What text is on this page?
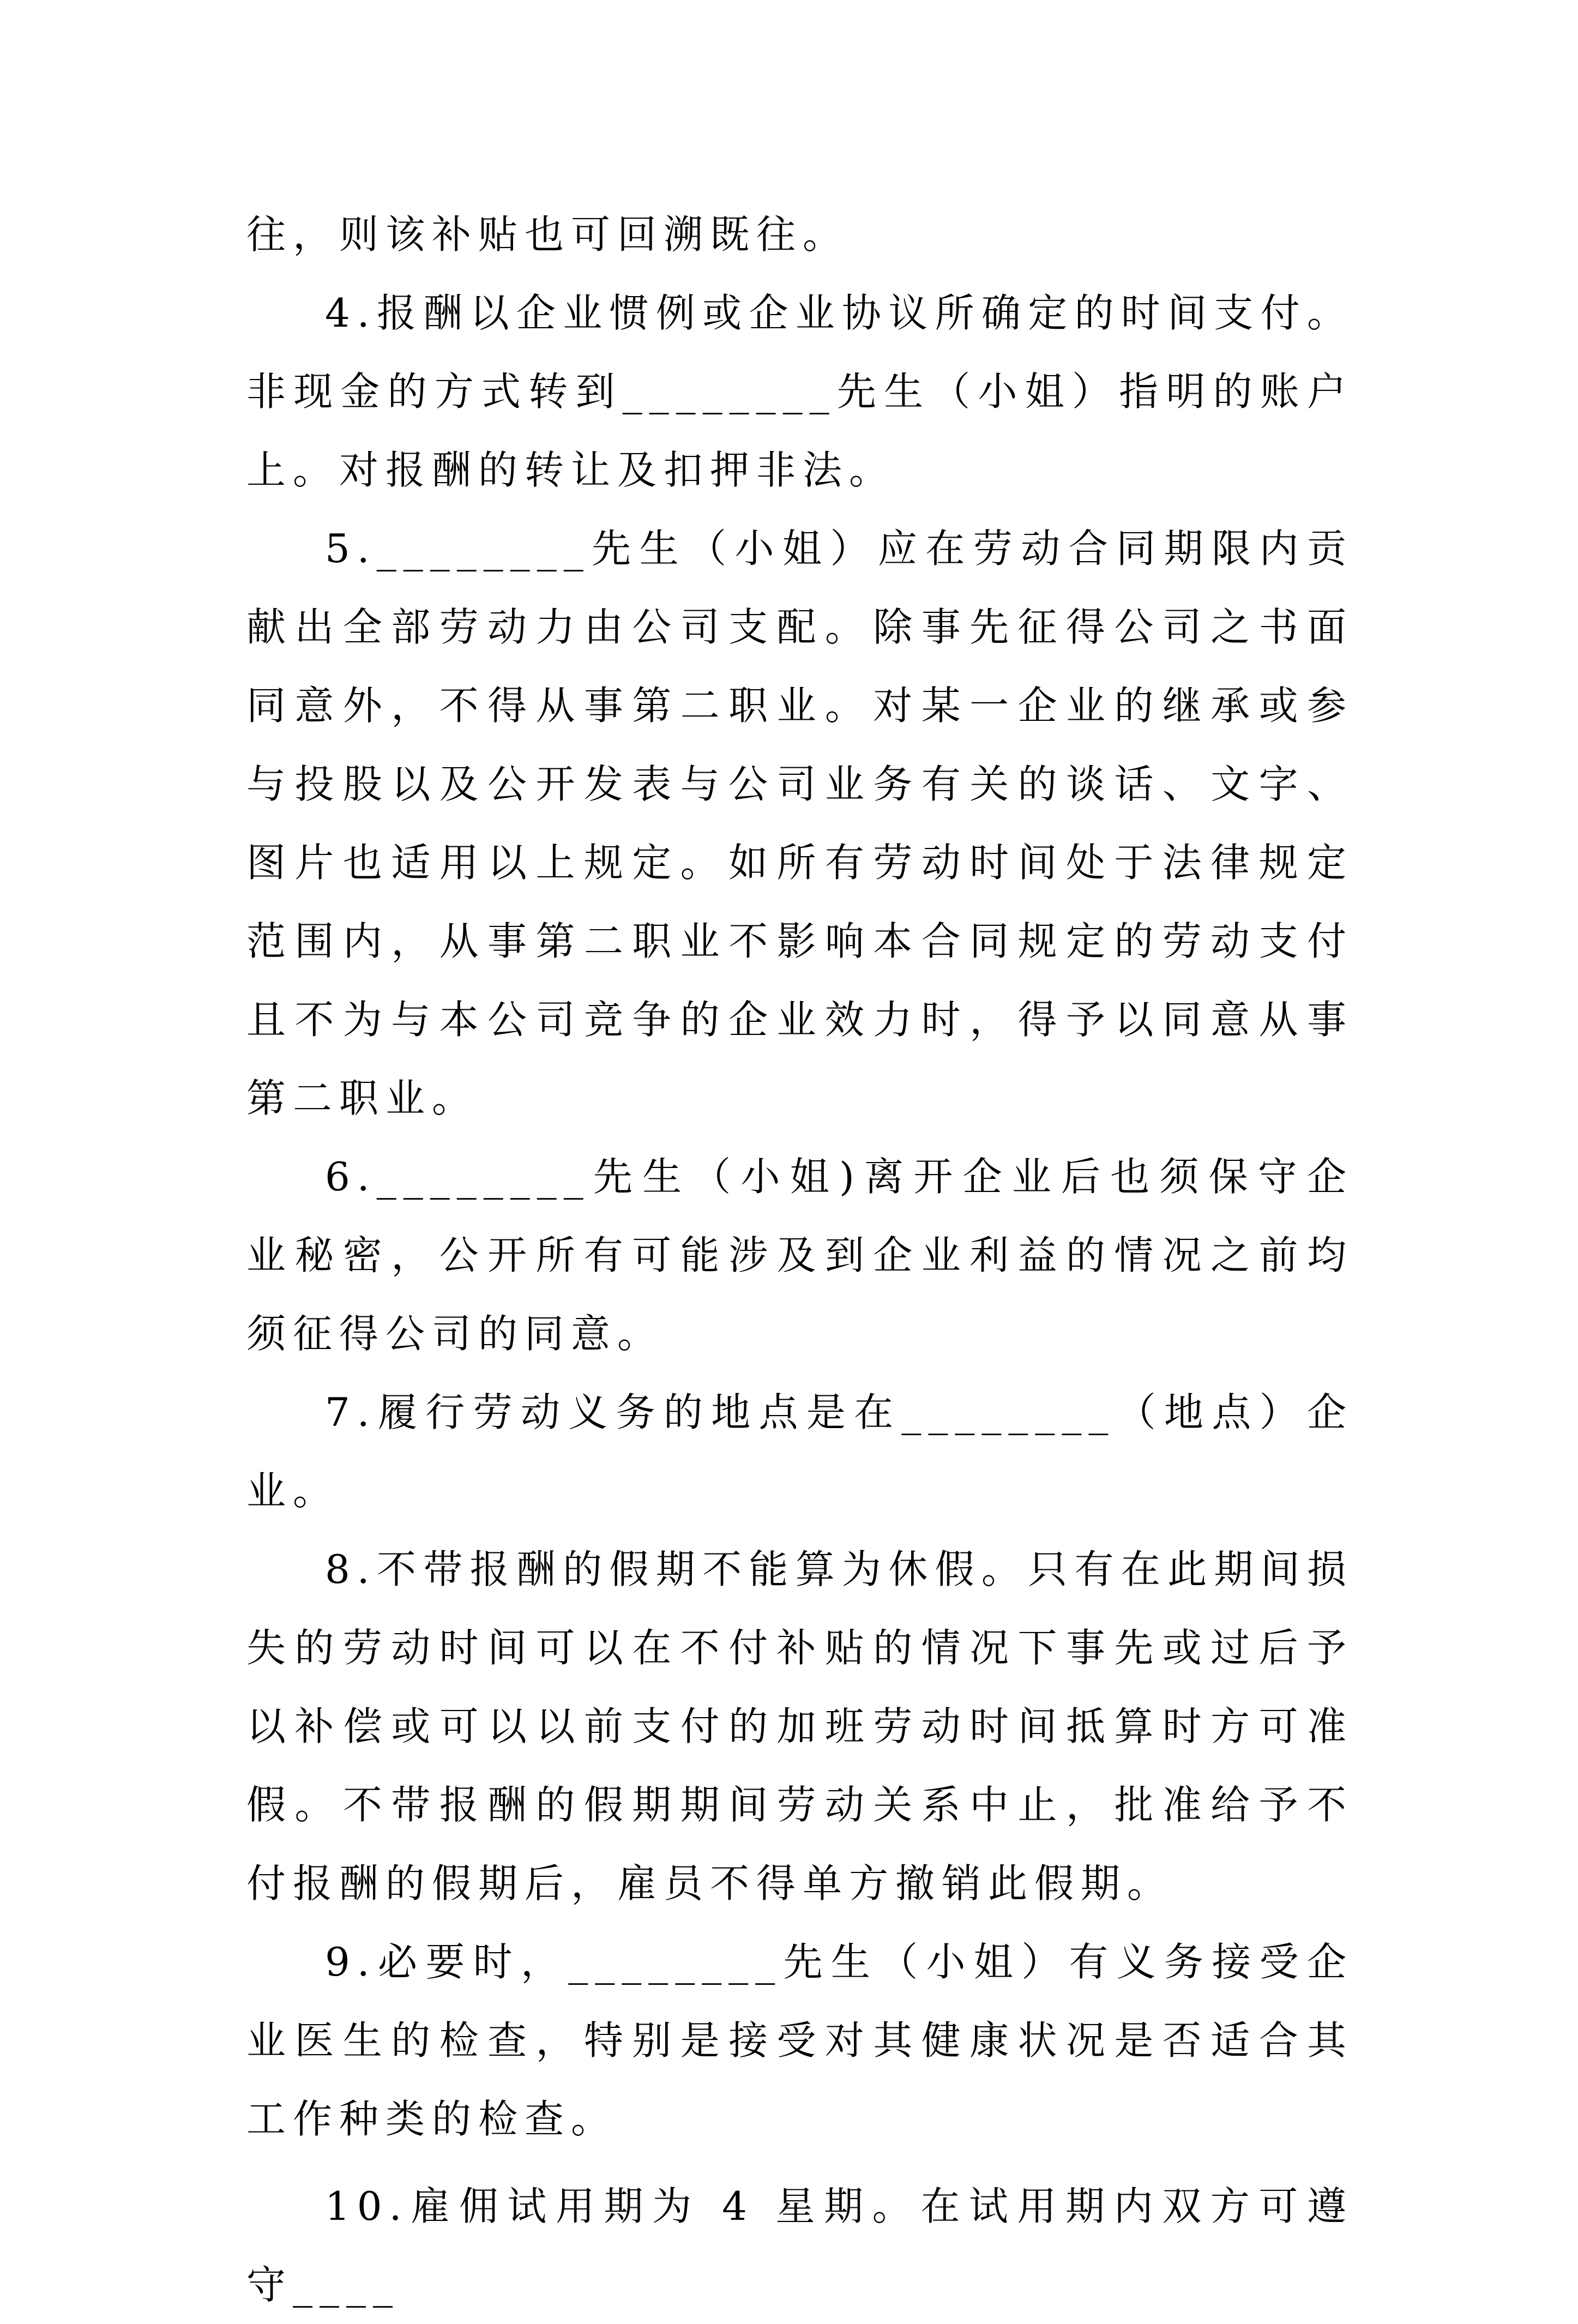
往，则该补贴也可回溯既往。

4.报酬以企业惯例或企业协议所确定的时间支付。非现金的方式转到________先生（小姐）指明的账户上。对报酬的转让及扣押非法。

5.________先生（小姐）应在劳动合同期限内贡献出全部劳动力由公司支配。除事先征得公司之书面同意外，不得从事第二职业。对某一企业的继承或参与投股以及公开发表与公司业务有关的谈话、文字、图片也适用以上规定。如所有劳动时间处于法律规定范围内，从事第二职业不影响本合同规定的劳动支付且不为与本公司竞争的企业效力时，得予以同意从事第二职业。

6.________先生（小姐)离开企业后也须保守企业秘密，公开所有可能涉及到企业利益的情况之前均须征得公司的同意。

7.履行劳动义务的地点是在________（地点）企业。

8.不带报酬的假期不能算为休假。只有在此期间损失的劳动时间可以在不付补贴的情况下事先或过后予以补偿或可以以前支付的加班劳动时间抵算时方可准假。不带报酬的假期期间劳动关系中止，批准给予不付报酬的假期后，雇员不得单方撤销此假期。

9.必要时，________先生（小姐）有义务接受企业医生的检查，特别是接受对其健康状况是否适合其工作种类的检查。

10.雇佣试用期为 4 星期。在试用期内双方可遵守____
